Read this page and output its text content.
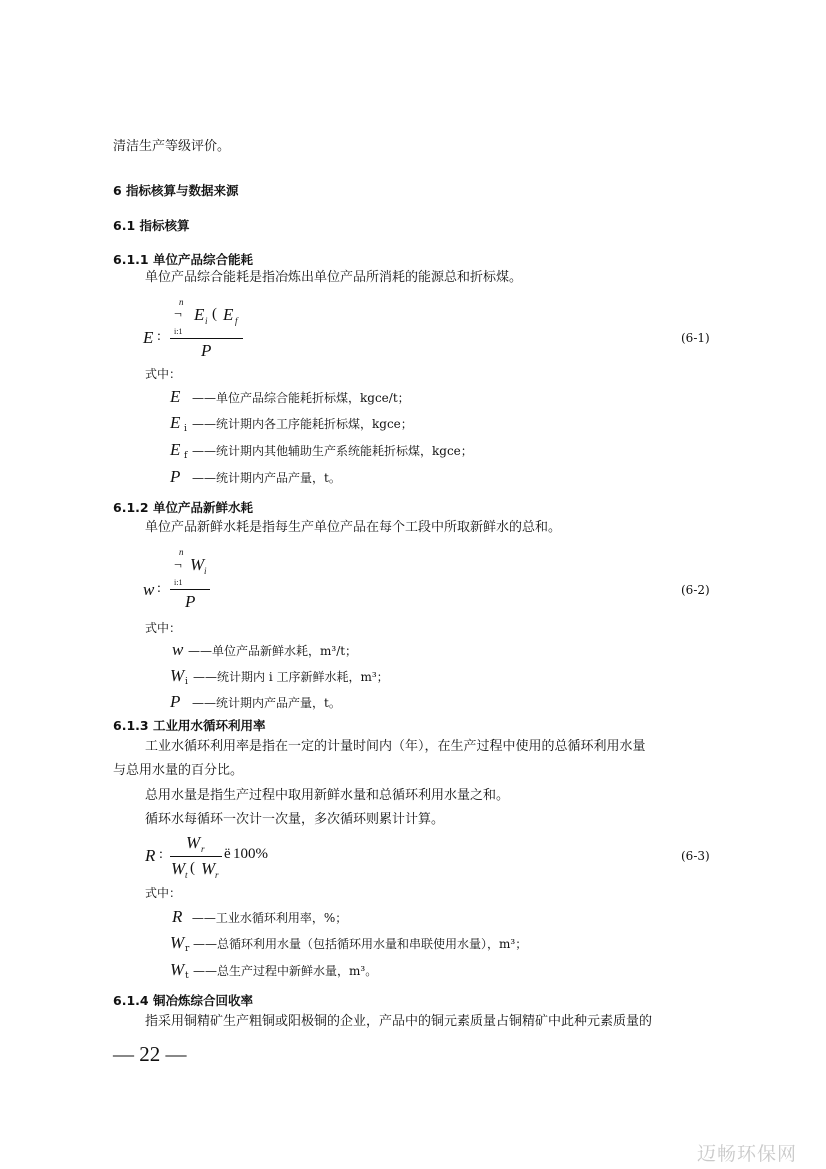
清洁生产等级评价。
6 指标核算与数据来源
6.1 指标核算
6.1.1 单位产品综合能耗
单位产品综合能耗是指冶炼出单位产品所消耗的能源总和折标煤。
n
¬ E i ( E f
i:1
E :
P
(6-1)
式中：
E ——单位产品综合能耗折标煤，kgce/t；
E i ——统计期内各工序能耗折标煤，kgce；
E f ——统计期内其他辅助生产系统能耗折标煤，kgce；
P ——统计期内产品产量，t。
6.1.2 单位产品新鲜水耗
单位产品新鲜水耗是指每生产单位产品在每个工段中所取新鲜水的总和。
n
¬ W i
i:1
w :
P
(6-2)
式中：
w ——单位产品新鲜水耗，m³/t；
Wi ——统计期内 i 工序新鲜水耗，m³；
P ——统计期内产品产量，t。
6.1.3 工业用水循环利用率
工业水循环利用率是指在一定的计量时间内（年），在生产过程中使用的总循环利用水量
与总用水量的百分比。
总用水量是指生产过程中取用新鲜水量和总循环利用水量之和。
循环水每循环一次计一次量，多次循环则累计计算。
R :
W r
W t ( W r
ë 100%	(6-3)
式中：
R ——工业水循环利用率，%；
Wr ——总循环利用水量（包括循环用水量和串联使用水量），m³；
Wt ——总生产过程中新鲜水量，m³。
6.1.4 铜冶炼综合回收率
指采用铜精矿生产粗铜或阳极铜的企业，产品中的铜元素质量占铜精矿中此种元素质量的
— 22 —
迈畅环保网
